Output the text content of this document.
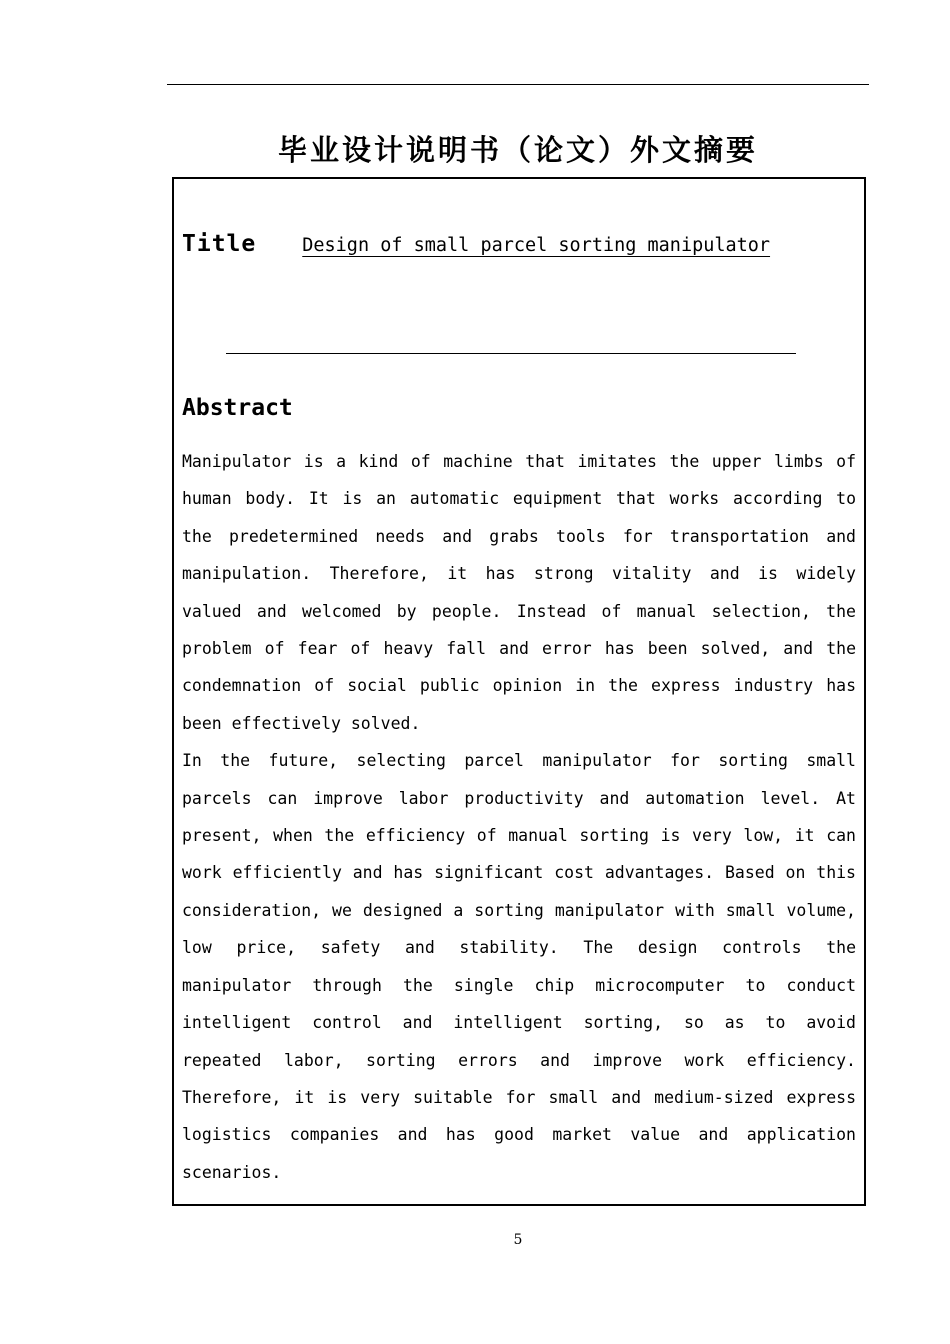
毕业设计说明书（论文）外文摘要
Title Design of small parcel sorting manipulator
Abstract

Manipulator is a kind of machine that imitates the upper limbs of human body. It is an automatic equipment that works according to the predetermined needs and grabs tools for transportation and manipulation. Therefore, it has strong vitality and is widely valued and welcomed by people. Instead of manual selection, the problem of fear of heavy fall and error has been solved, and the condemnation of social public opinion in the express industry has been effectively solved.

In the future, selecting parcel manipulator for sorting small parcels can improve labor productivity and automation level. At present, when the efficiency of manual sorting is very low, it can work efficiently and has significant cost advantages. Based on this consideration, we designed a sorting manipulator with small volume, low price, safety and stability. The design controls the manipulator through the single chip microcomputer to conduct intelligent control and intelligent sorting, so as to avoid repeated labor, sorting errors and improve work efficiency. Therefore, it is very suitable for small and medium-sized express logistics companies and has good market value and application scenarios.

5
